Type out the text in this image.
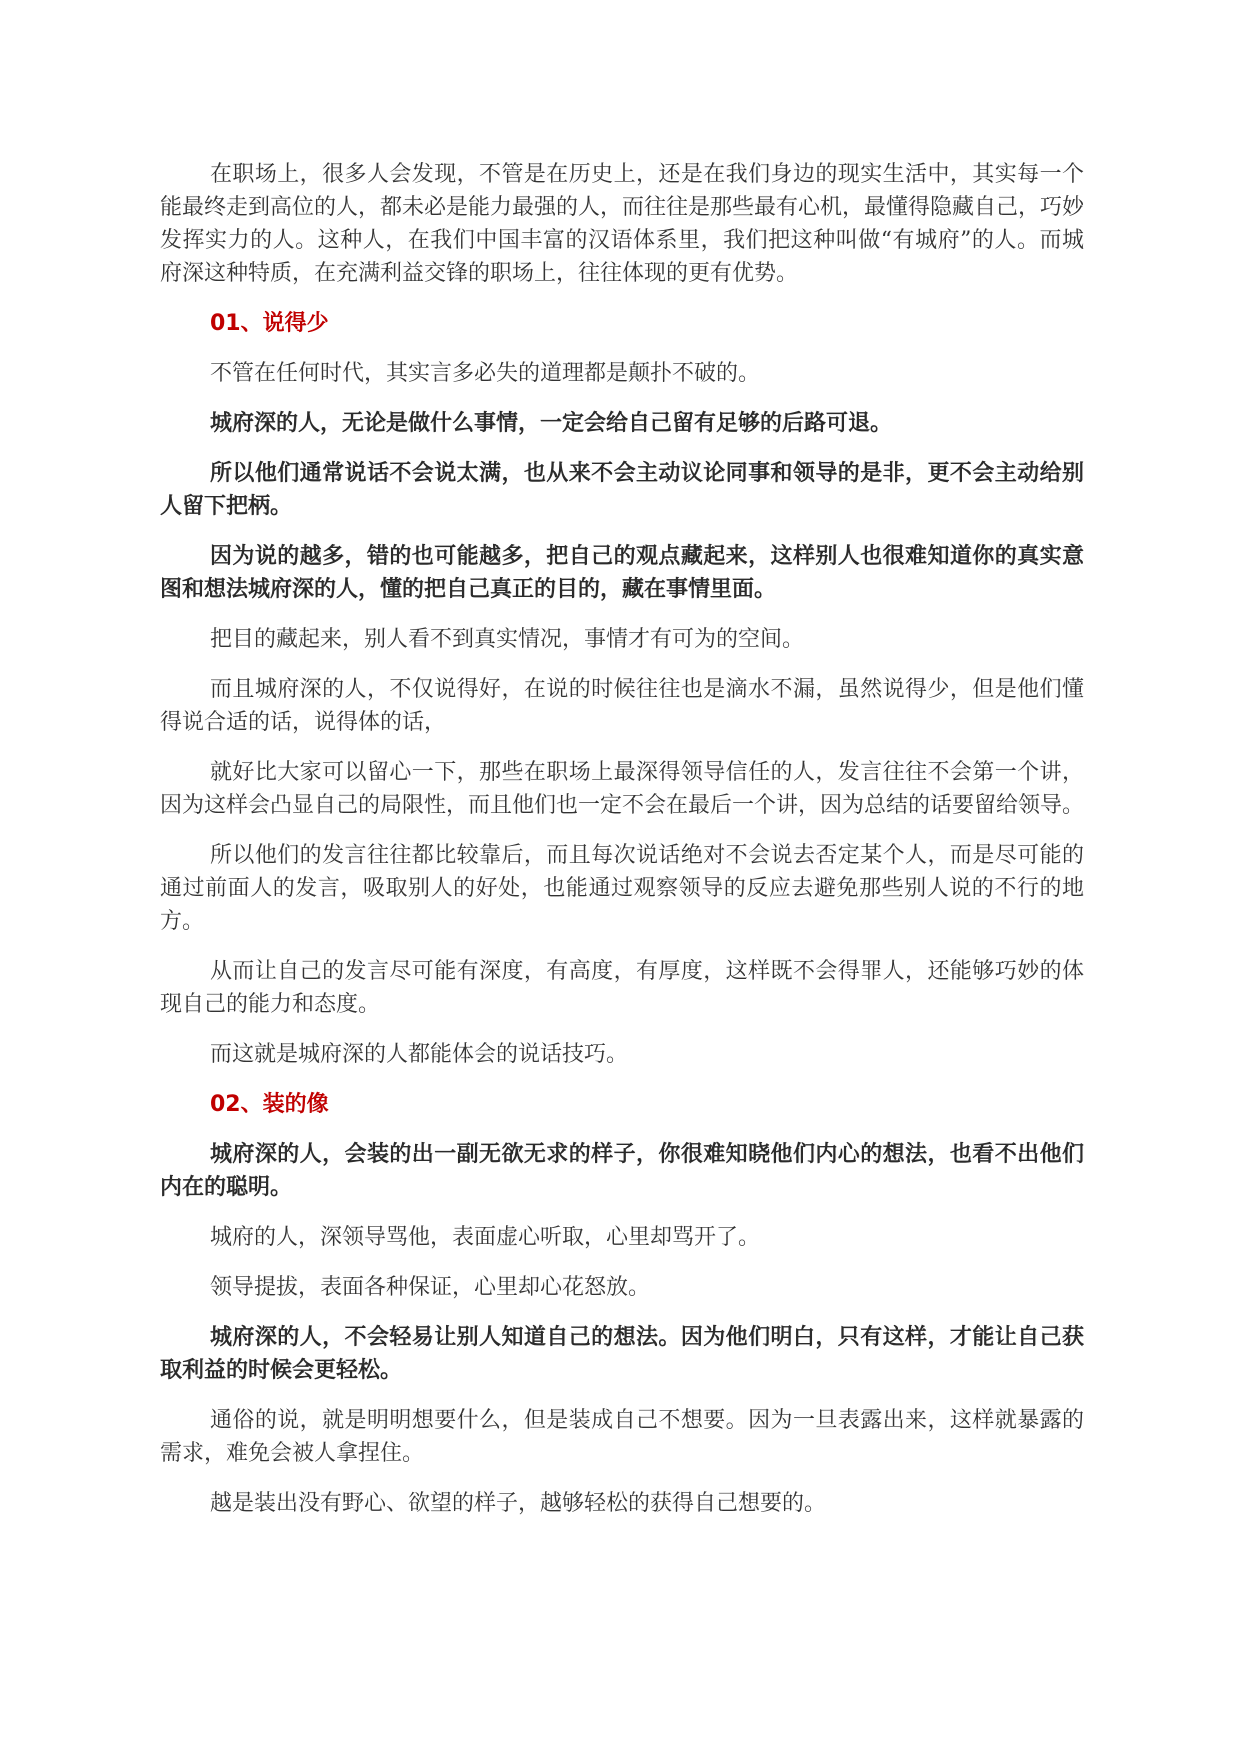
在职场上，很多人会发现，不管是在历史上，还是在我们身边的现实生活中，其实每一个能最终走到高位的人，都未必是能力最强的人，而往往是那些最有心机，最懂得隐藏自己，巧妙发挥实力的人。这种人，在我们中国丰富的汉语体系里，我们把这种叫做“有城府”的人。而城府深这种特质，在充满利益交锋的职场上，往往体现的更有优势。

01、说得少

不管在任何时代，其实言多必失的道理都是颠扑不破的。

城府深的人，无论是做什么事情，一定会给自己留有足够的后路可退。

所以他们通常说话不会说太满，也从来不会主动议论同事和领导的是非，更不会主动给别人留下把柄。

因为说的越多，错的也可能越多，把自己的观点藏起来，这样别人也很难知道你的真实意图和想法城府深的人，懂的把自己真正的目的，藏在事情里面。

把目的藏起来，别人看不到真实情况，事情才有可为的空间。

而且城府深的人，不仅说得好，在说的时候往往也是滴水不漏，虽然说得少，但是他们懂得说合适的话，说得体的话，

就好比大家可以留心一下，那些在职场上最深得领导信任的人，发言往往不会第一个讲，因为这样会凸显自己的局限性，而且他们也一定不会在最后一个讲，因为总结的话要留给领导。

所以他们的发言往往都比较靠后，而且每次说话绝对不会说去否定某个人，而是尽可能的通过前面人的发言，吸取别人的好处，也能通过观察领导的反应去避免那些别人说的不行的地方。

从而让自己的发言尽可能有深度，有高度，有厚度，这样既不会得罪人，还能够巧妙的体现自己的能力和态度。

而这就是城府深的人都能体会的说话技巧。

02、装的像

城府深的人，会装的出一副无欲无求的样子，你很难知晓他们内心的想法，也看不出他们内在的聪明。

城府的人，深领导骂他，表面虚心听取，心里却骂开了。

领导提拔，表面各种保证，心里却心花怒放。

城府深的人，不会轻易让别人知道自己的想法。因为他们明白，只有这样，才能让自己获取利益的时候会更轻松。

通俗的说，就是明明想要什么，但是装成自己不想要。因为一旦表露出来，这样就暴露的需求，难免会被人拿捏住。

越是装出没有野心、欲望的样子，越够轻松的获得自己想要的。
